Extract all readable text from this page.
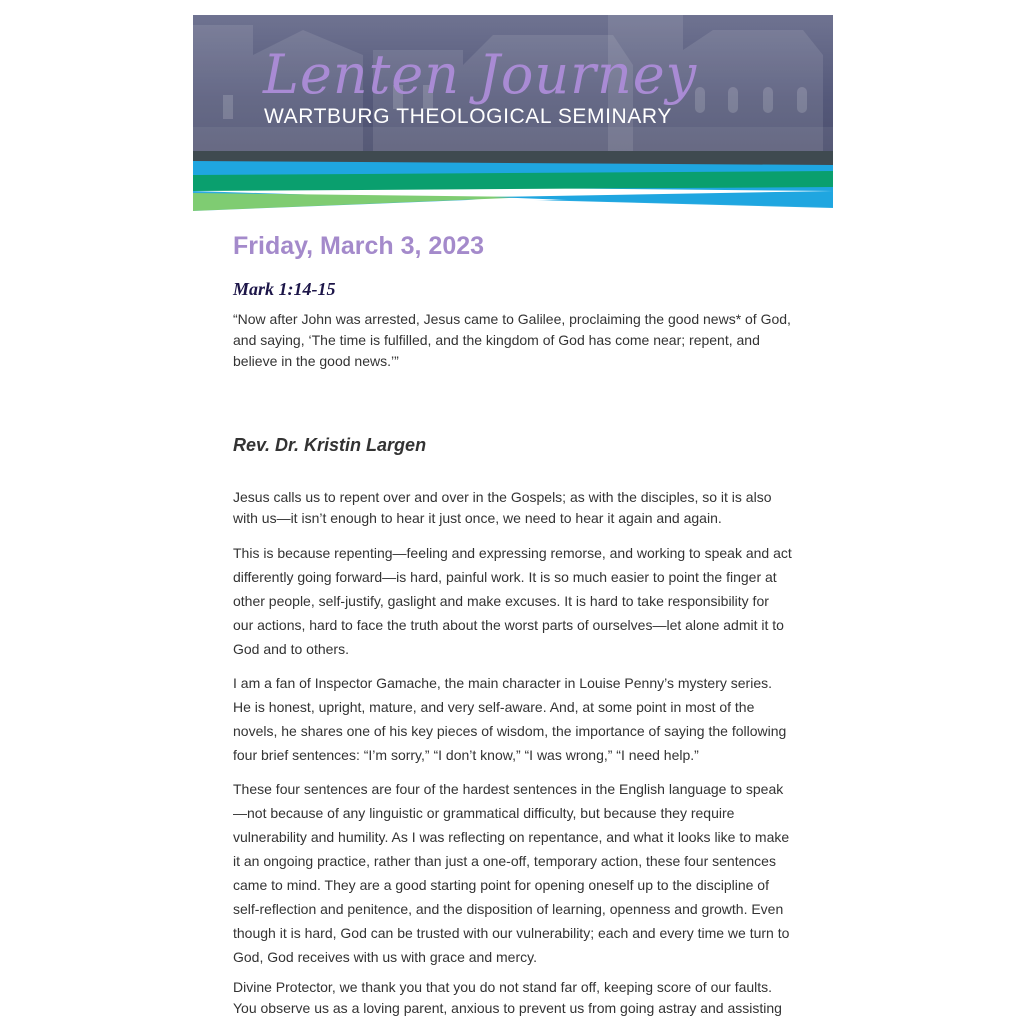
Lenten Journey
WARTBURG THEOLOGICAL SEMINARY
Friday, March 3, 2023
Mark 1:14-15
“Now after John was arrested, Jesus came to Galilee, proclaiming the good news* of God, and saying, ‘The time is fulfilled, and the kingdom of God has come near; repent, and believe in the good news.’”
Rev. Dr. Kristin Largen
Jesus calls us to repent over and over in the Gospels; as with the disciples, so it is also with us—it isn’t enough to hear it just once, we need to hear it again and again.
This is because repenting—feeling and expressing remorse, and working to speak and act differently going forward—is hard, painful work. It is so much easier to point the finger at other people, self-justify, gaslight and make excuses. It is hard to take responsibility for our actions, hard to face the truth about the worst parts of ourselves—let alone admit it to God and to others.
I am a fan of Inspector Gamache, the main character in Louise Penny’s mystery series. He is honest, upright, mature, and very self-aware. And, at some point in most of the novels, he shares one of his key pieces of wisdom, the importance of saying the following four brief sentences: “I’m sorry,” “I don’t know,” “I was wrong,” “I need help.”
These four sentences are four of the hardest sentences in the English language to speak—not because of any linguistic or grammatical difficulty, but because they require vulnerability and humility. As I was reflecting on repentance, and what it looks like to make it an ongoing practice, rather than just a one-off, temporary action, these four sentences came to mind. They are a good starting point for opening oneself up to the discipline of self-reflection and penitence, and the disposition of learning, openness and growth. Even though it is hard, God can be trusted with our vulnerability; each and every time we turn to God, God receives with us with grace and mercy.
Divine Protector, we thank you that you do not stand far off, keeping score of our faults. You observe us as a loving parent, anxious to prevent us from going astray and assisting
